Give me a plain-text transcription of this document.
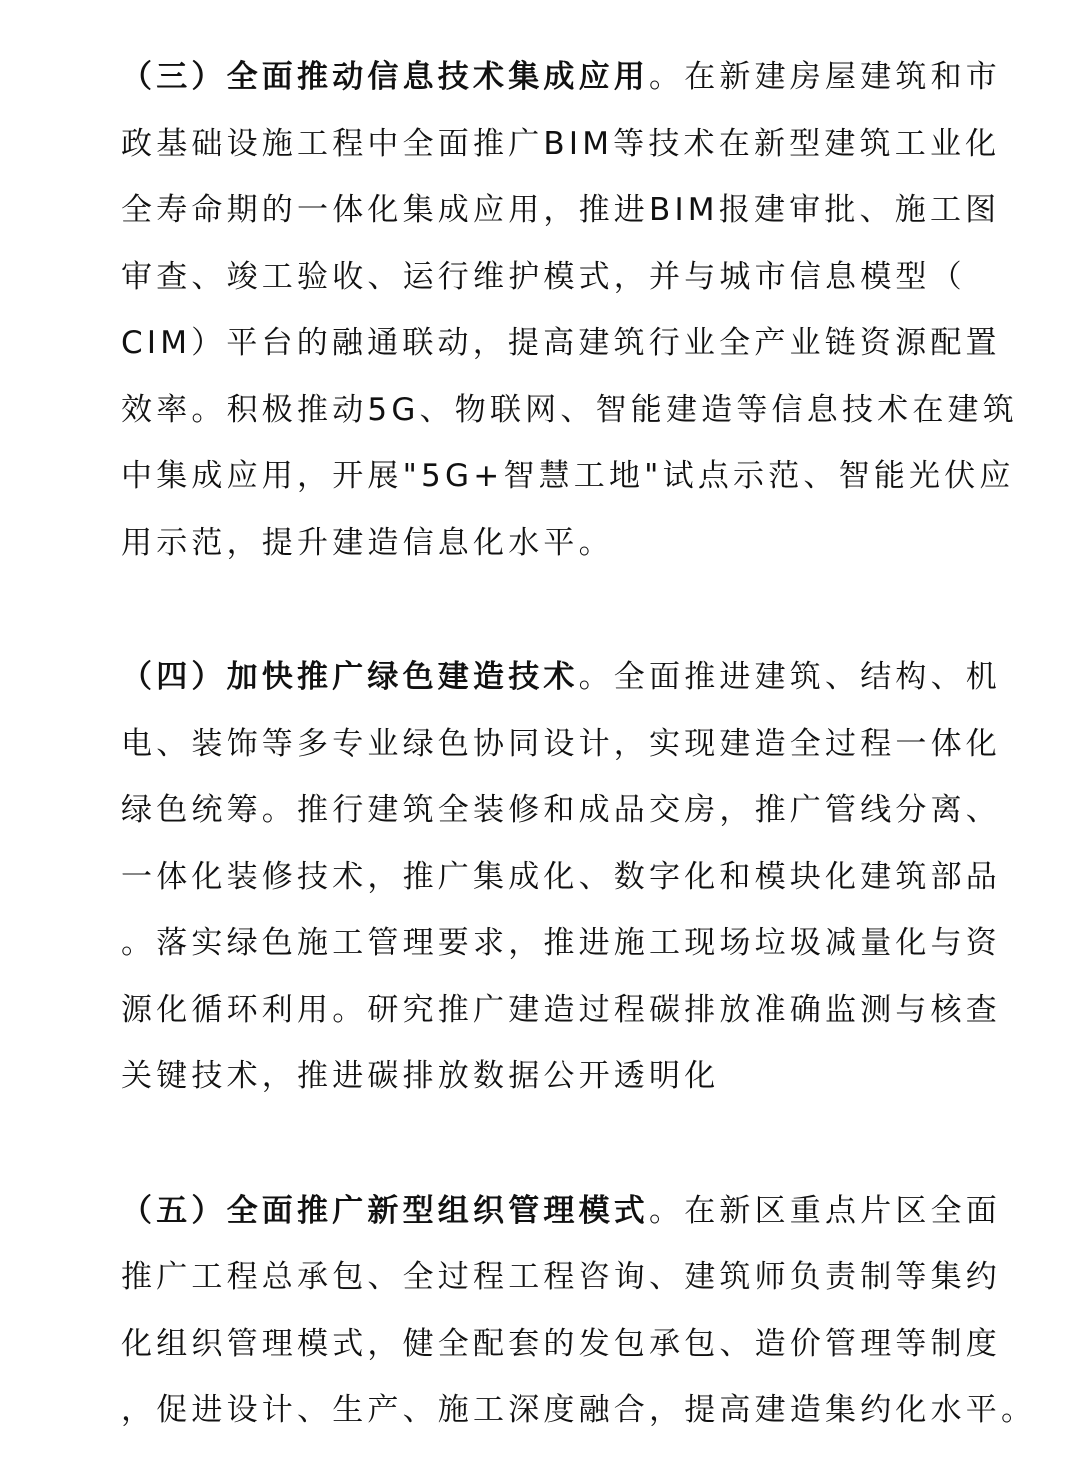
（三）全面推动信息技术集成应用。在新建房屋建筑和市
政基础设施工程中全面推广BIM等技术在新型建筑工业化
全寿命期的一体化集成应用，推进BIM报建审批、施工图
审查、竣工验收、运行维护模式，并与城市信息模型（
CIM）平台的融通联动，提高建筑行业全产业链资源配置
效率。积极推动5G、物联网、智能建造等信息技术在建筑
中集成应用，开展"5G+智慧工地"试点示范、智能光伏应
用示范，提升建造信息化水平。
（四）加快推广绿色建造技术。全面推进建筑、结构、机
电、装饰等多专业绿色协同设计，实现建造全过程一体化
绿色统筹。推行建筑全装修和成品交房，推广管线分离、
一体化装修技术，推广集成化、数字化和模块化建筑部品
。落实绿色施工管理要求，推进施工现场垃圾减量化与资
源化循环利用。研究推广建造过程碳排放准确监测与核查
关键技术，推进碳排放数据公开透明化
（五）全面推广新型组织管理模式。在新区重点片区全面
推广工程总承包、全过程工程咨询、建筑师负责制等集约
化组织管理模式，健全配套的发包承包、造价管理等制度
，促进设计、生产、施工深度融合，提高建造集约化水平。
